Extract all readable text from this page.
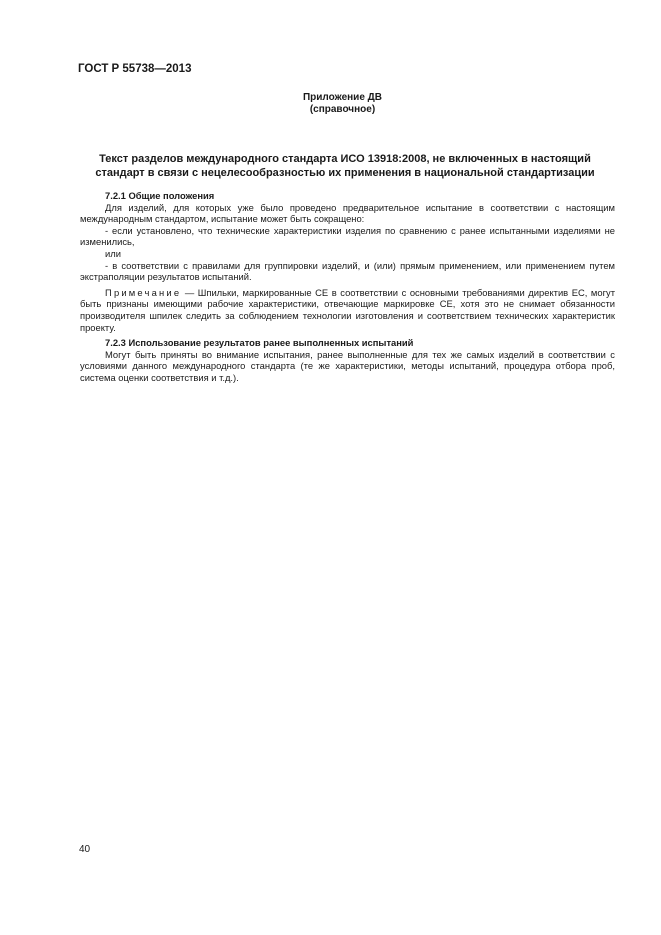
ГОСТ Р 55738—2013
Приложение ДВ
(справочное)
Текст разделов международного стандарта ИСО 13918:2008, не включенных в настоящий
стандарт в связи с нецелесообразностью их применения в национальной стандартизации

7.2.1 Общие положения

Для изделий, для которых уже было проведено предварительное испытание в соответствии с настоящим международным стандартом, испытание может быть сокращено:

- если установлено, что технические характеристики изделия по сравнению с ранее испытанными изделиями не изменились,

или

- в соответствии с правилами для группировки изделий, и (или) прямым применением, или применением путем экстраполяции результатов испытаний.

Примечание — Шпильки, маркированные CE в соответствии с основными требованиями директив ЕС, могут быть признаны имеющими рабочие характеристики, отвечающие маркировке CE, хотя это не снимает обязанности производителя шпилек следить за соблюдением технологии изготовления и соответствием технических характеристик проекту.

7.2.3 Использование результатов ранее выполненных испытаний

Могут быть приняты во внимание испытания, ранее выполненные для тех же самых изделий в соответствии с условиями данного международного стандарта (те же характеристики, методы испытаний, процедура отбора проб, система оценки соответствия и т.д.).

40
